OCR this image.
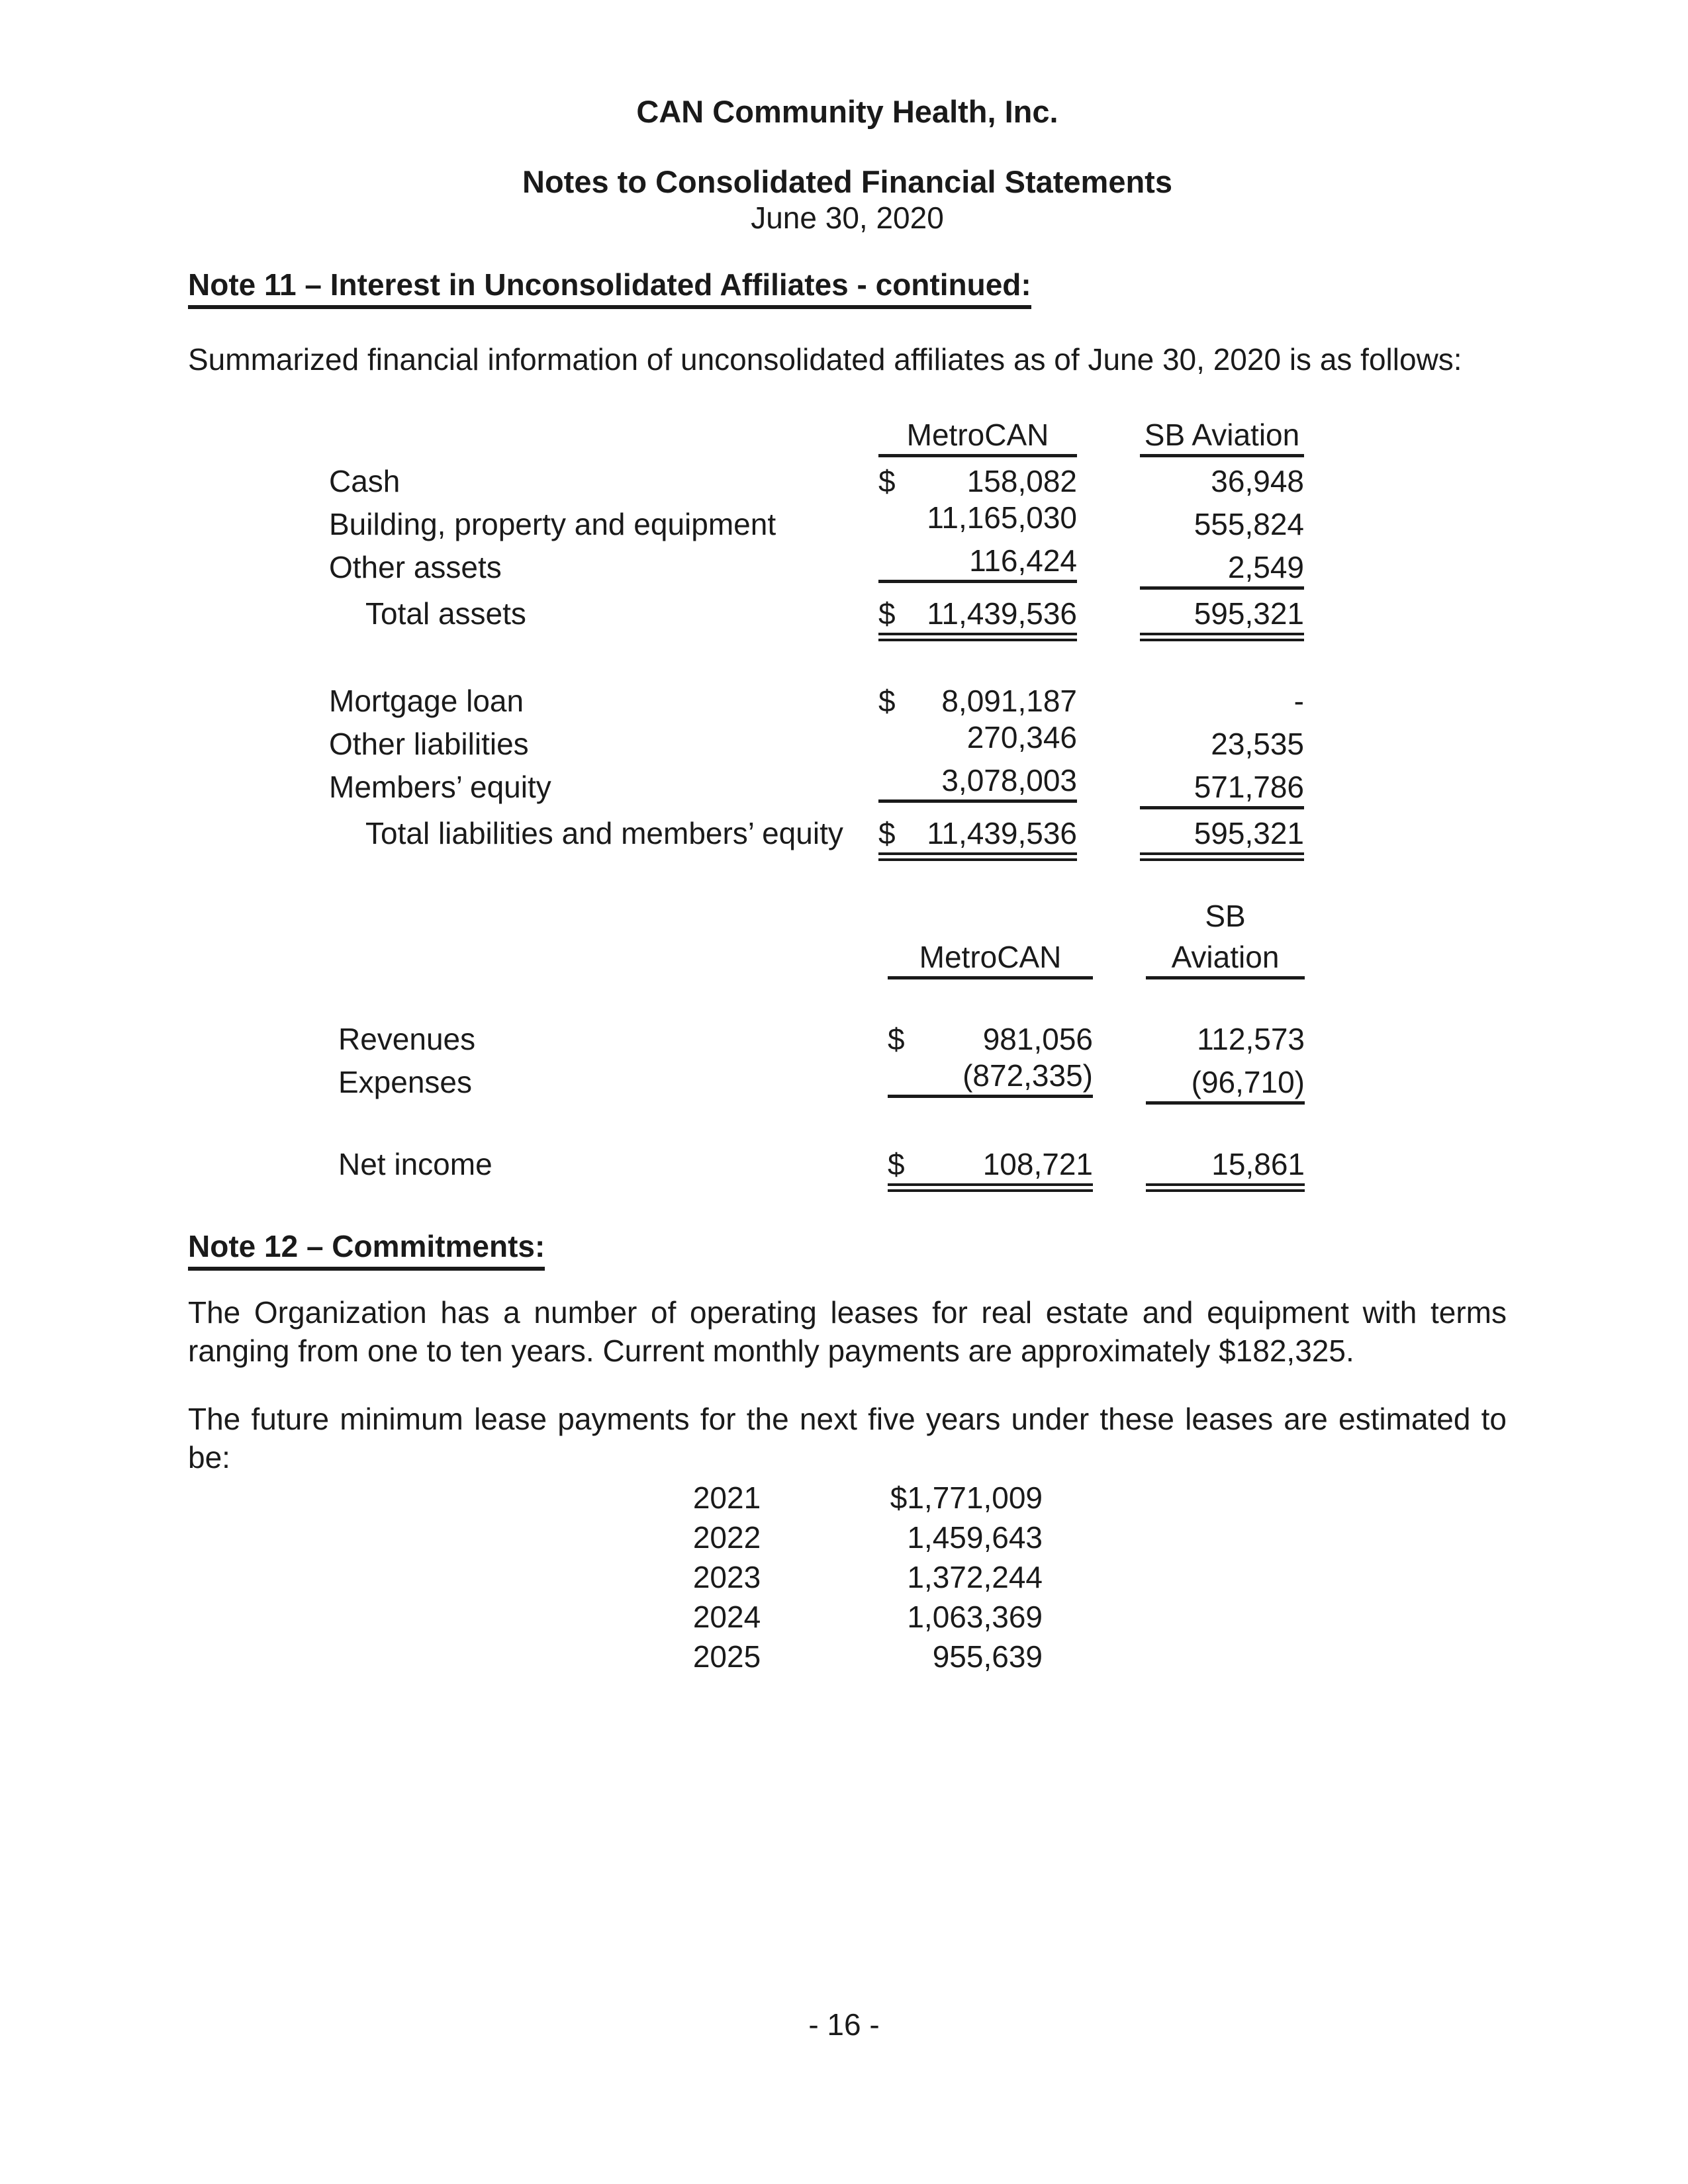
CAN Community Health, Inc.
Notes to Consolidated Financial Statements
June 30, 2020
Note 11 – Interest in Unconsolidated Affiliates - continued:
Summarized financial information of unconsolidated affiliates as of June 30, 2020 is as follows:
MetroCAN	SB Aviation
Cash	$ 158,082	36,948
Building, property and equipment	11,165,030	555,824
Other assets	116,424	2,549
Total assets	$ 11,439,536	595,321
Mortgage loan	$ 8,091,187	-
Other liabilities	270,346	23,535
Members’ equity	3,078,003	571,786
Total liabilities and members’ equity	$ 11,439,536	595,321
SB
MetroCAN	Aviation
Revenues	$	981,056	112,573
Expenses	(872,335)	(96,710)
Net income	$	108,721	15,861
Note 12 – Commitments:
The Organization has a number of operating leases for real estate and equipment with terms ranging from one to ten years. Current monthly payments are approximately $182,325.
The future minimum lease payments for the next five years under these leases are estimated to be:
2021	$1,771,009
2022	1,459,643
2023	1,372,244
2024	1,063,369
2025	955,639
- 16 -
